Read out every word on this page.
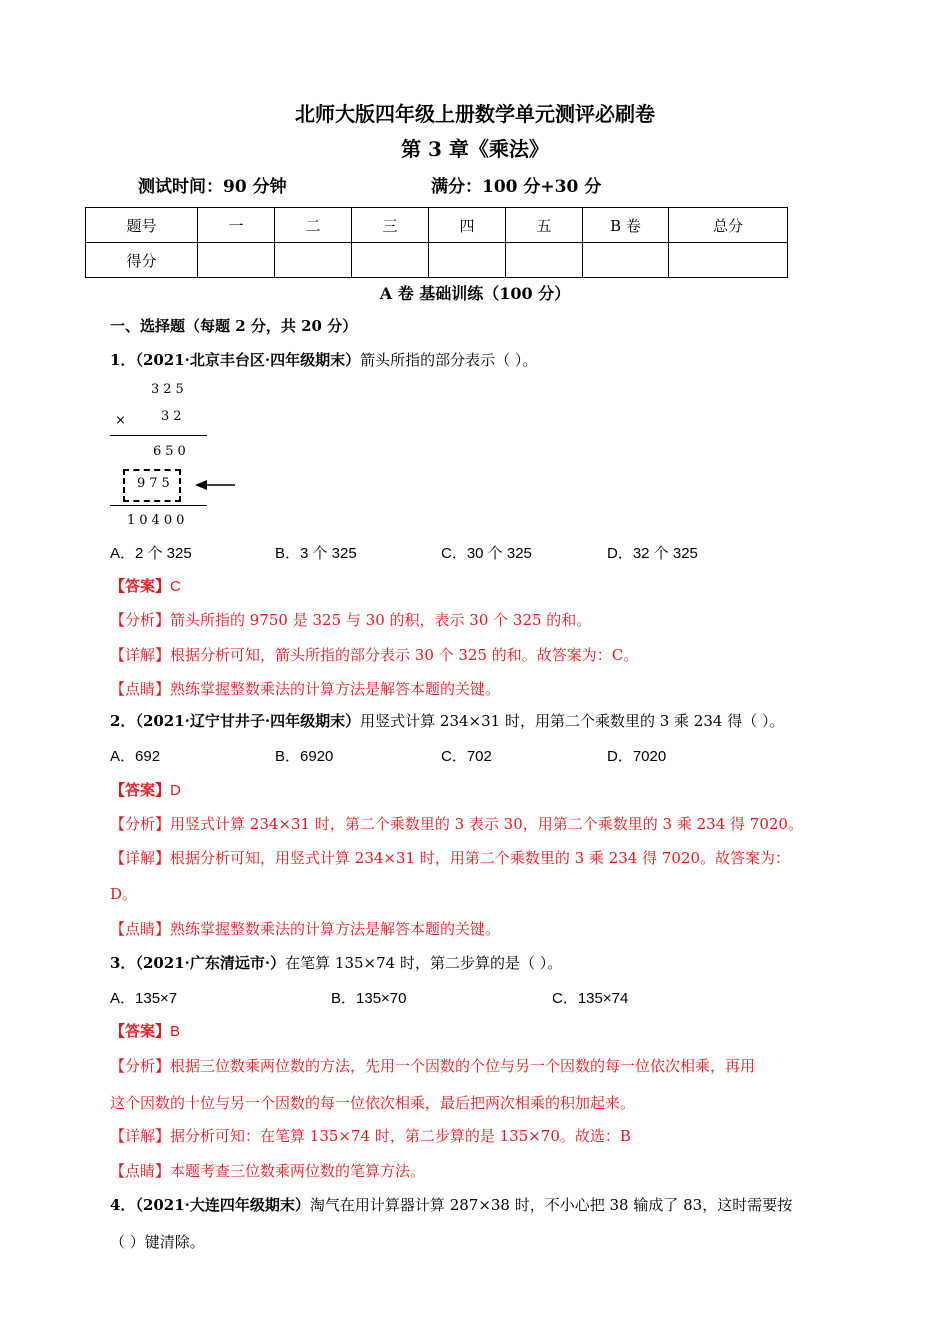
北师大版四年级上册数学单元测评必刷卷
第 3 章《乘法》
测试时间：90 分钟	满分：100 分+30 分
题号	一	二	三	四	五	B 卷	总分
得分							
A 卷 基础训练（100 分）
一、选择题（每题 2 分，共 20 分）
1．（2021·北京丰台区·四年级期末）箭头所指的部分表示（ ）。
325
× 32
650
975
10400
A．2 个 325	B．3 个 325	C．30 个 325	D．32 个 325
【答案】C
【分析】箭头所指的 9750 是 325 与 30 的积，表示 30 个 325 的和。
【详解】根据分析可知，箭头所指的部分表示 30 个 325 的和。故答案为：C。
【点睛】熟练掌握整数乘法的计算方法是解答本题的关键。
2．（2021·辽宁甘井子·四年级期末）用竖式计算 234×31 时，用第二个乘数里的 3 乘 234 得（ ）。
A．692	B．6920	C．702	D．7020
【答案】D
【分析】用竖式计算 234×31 时，第二个乘数里的 3 表示 30，用第二个乘数里的 3 乘 234 得 7020。
【详解】根据分析可知，用竖式计算 234×31 时，用第二个乘数里的 3 乘 234 得 7020。故答案为：
D。
【点睛】熟练掌握整数乘法的计算方法是解答本题的关键。
3．（2021·广东清远市·）在笔算 135×74 时，第二步算的是（ ）。
A．135×7	B．135×70	C．135×74
【答案】B
【分析】根据三位数乘两位数的方法，先用一个因数的个位与另一个因数的每一位依次相乘，再用
这个因数的十位与另一个因数的每一位依次相乘，最后把两次相乘的积加起来。
【详解】据分析可知：在笔算 135×74 时，第二步算的是 135×70。故选：B
【点睛】本题考查三位数乘两位数的笔算方法。
4．（2021·大连四年级期末）淘气在用计算器计算 287×38 时，不小心把 38 输成了 83，这时需要按
（ ）键清除。
